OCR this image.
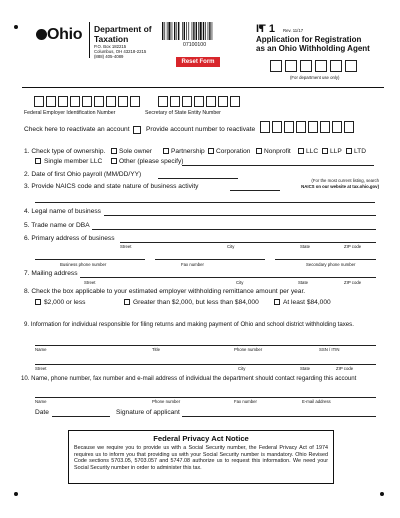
Ohio Department of
Taxation
P.O. Box 182215
Columbus, OH 43218-2215
(888) 405-4089
07100100
Reset Form
IT 1 Rev. 11/17
Application for Registration
as an Ohio Withholding Agent
(For department use only)
Federal Employer Identification Number	Secretary of State Entity Number
Check here to reactivate an account Provide account number to reactivate
1. Check type of ownership. Sole owner	Partnership Corporation Nonprofit LLC LLP LTD
Single member LLC	Other (please specify)
2. Date of first Ohio payroll (MM/DD/YY)
3. Provide NAICS code and state nature of business activity
(For the most current listing, search
NAICS on our website at tax.ohio.gov)
4. Legal name of business
5. Trade name or DBA
6. Primary address of business
Street	City	State	ZIP code
Business phone number	Fax number	Secondary phone number
7. Mailing address
Street	City	State	ZIP code
8. Check the box applicable to your estimated employer withholding remittance amount per year.
$2,000 or less	Greater than $2,000, but less than $84,000	At least $84,000
9. Information for individual responsible for filing returns and making payment of Ohio and school district withholding taxes.
Name	Title	Phone number	SSN / ITIN
Street	City	State	ZIP code
10. Name, phone number, fax number and e-mail address of individual the department should contact regarding this account
Name	Phone number	Fax number	E-mail address
Date	Signature of applicant
Federal Privacy Act Notice
Because we require you to provide us with a Social Security number, the Federal Privacy Act of 1974 requires us to inform you that providing us with your Social Security number is mandatory. Ohio Revised Code sections 5703.05, 5703.057 and 5747.08 authorize us to request this information. We need your Social Security number in order to administer this tax.
